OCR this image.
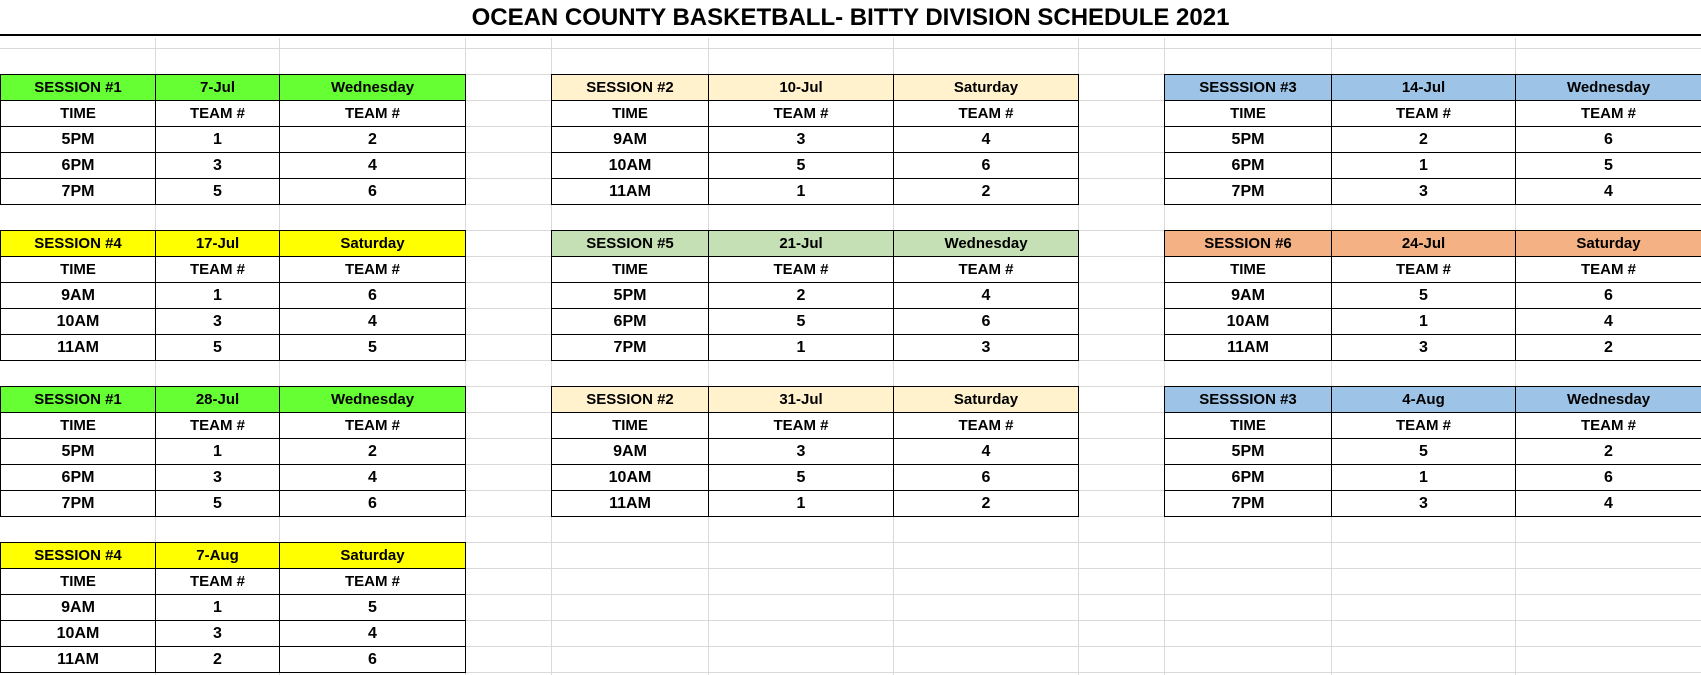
OCEAN COUNTY BASKETBALL- BITTY DIVISION SCHEDULE 2021
SESSION #1	7-Jul	Wednesday
TIME	TEAM #	TEAM #
5PM	1	2
6PM	3	4
7PM	5	6
SESSION #2	10-Jul	Saturday
TIME	TEAM #	TEAM #
9AM	3	4
10AM	5	6
11AM	1	2
SESSSION #3	14-Jul	Wednesday
TIME	TEAM #	TEAM #
5PM	2	6
6PM	1	5
7PM	3	4
SESSION #4	17-Jul	Saturday
TIME	TEAM #	TEAM #
9AM	1	6
10AM	3	4
11AM	5	5
SESSION #5	21-Jul	Wednesday
TIME	TEAM #	TEAM #
5PM	2	4
6PM	5	6
7PM	1	3
SESSION #6	24-Jul	Saturday
TIME	TEAM #	TEAM #
9AM	5	6
10AM	1	4
11AM	3	2
SESSION #1	28-Jul	Wednesday
TIME	TEAM #	TEAM #
5PM	1	2
6PM	3	4
7PM	5	6
SESSION #2	31-Jul	Saturday
TIME	TEAM #	TEAM #
9AM	3	4
10AM	5	6
11AM	1	2
SESSSION #3	4-Aug	Wednesday
TIME	TEAM #	TEAM #
5PM	5	2
6PM	1	6
7PM	3	4
SESSION #4	7-Aug	Saturday
TIME	TEAM #	TEAM #
9AM	1	5
10AM	3	4
11AM	2	6
